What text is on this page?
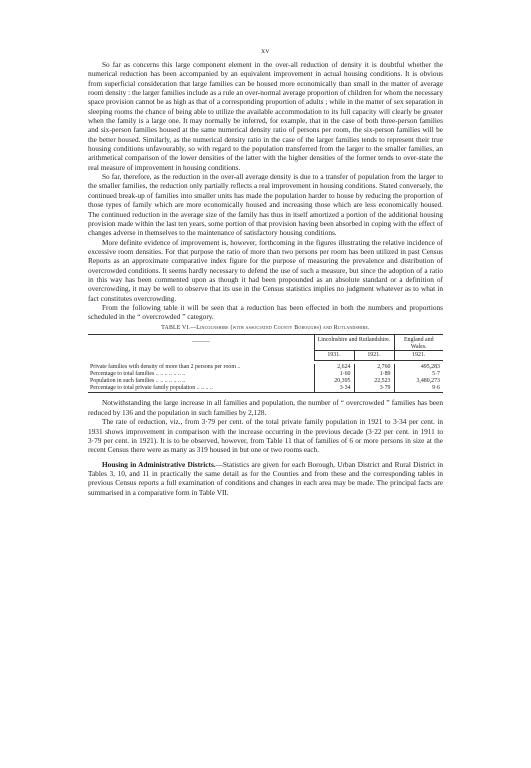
xv

So far as concerns this large component element in the over-all reduction of density it is doubtful whether the numerical reduction has been accompanied by an equivalent improvement in actual housing conditions. It is obvious from superficial consideration that large families can be housed more economically than small in the matter of average room density : the larger families include as a rule an over-normal average proportion of children for whom the necessary space provision cannot be as high as that of a corresponding proportion of adults ; while in the matter of sex separation in sleeping rooms the chance of being able to utilize the available accommodation to its full capacity will clearly be greater when the family is a large one. It may normally be inferred, for example, that in the case of both three-person families and six-person families housed at the same numerical density ratio of persons per room, the six-person families will be the better housed. Similarly, as the numerical density ratio in the case of the larger families tends to represent their true housing conditions unfavourably, so with regard to the population transferred from the larger to the smaller families, an arithmetical comparison of the lower densities of the latter with the higher densities of the former tends to over-state the real measure of improvement in housing conditions.

So far, therefore, as the reduction in the over-all average density is due to a transfer of population from the larger to the smaller families, the reduction only partially reflects a real improvement in housing conditions. Stated conversely, the continued break-up of families into smaller units has made the population harder to house by reducing the proportion of those types of family which are more economically housed and increasing those which are less economically housed. The continued reduction in the average size of the family has thus in itself amortized a portion of the additional housing provision made within the last ten years, some portion of that provision having been absorbed in coping with the effect of changes adverse in themselves to the maintenance of satisfactory housing conditions.

More definite evidence of improvement is, however, forthcoming in the figures illustrating the relative incidence of excessive room densities. For that purpose the ratio of more than two persons per room has been utilized in past Census Reports as an approximate comparative index figure for the purpose of measuring the prevalence and distribution of overcrowded conditions. It seems hardly necessary to defend the use of such a measure, but since the adoption of a ratio in this way has been commented upon as though it had been propounded as an absolute standard or a definition of overcrowding, it may be well to observe that its use in the Census statistics implies no judgment whatever as to what in fact constitutes overcrowding.

From the following table it will be seen that a reduction has been effected in both the numbers and proportions scheduled in the “ overcrowded ” category.

TABLE VI.—Lincolnshire (with associated County Boroughs) and Rutlandshire.
———	Lincolnshire and Rutlandshire.		England and Wales.
	1931.	1921.	1921.

Private families with density of more than 2 persons per room ..	2,624	2,760	495,283
Percentage to total families .. .. .. .. .. .. ..	1·60	1·89	5·7
Population in such families .. .. .. .. .. .. ..	20,395	22,523	3,480,273
Percentage to total private family population .. .. .. ..	3·34	3·79	9·6

Notwithstanding the large increase in all families and population, the number of “ overcrowded ” families has been reduced by 136 and the population in such families by 2,128.

The rate of reduction, viz., from 3·79 per cent. of the total private family population in 1921 to 3·34 per cent. in 1931 shows improvement in comparison with the increase occurring in the previous decade (3·22 per cent. in 1911 to 3·79 per cent. in 1921). It is to be observed, however, from Table 11 that of families of 6 or more persons in size at the recent Census there were as many as 319 housed in but one or two rooms each.

Housing in Administrative Districts.—Statistics are given for each Borough, Urban District and Rural District in Tables 3, 10, and 11 in practically the same detail as for the Counties and from these and the corresponding tables in previous Census reports a full examination of conditions and changes in each area may be made. The principal facts are summarised in a comparative form in Table VII.
